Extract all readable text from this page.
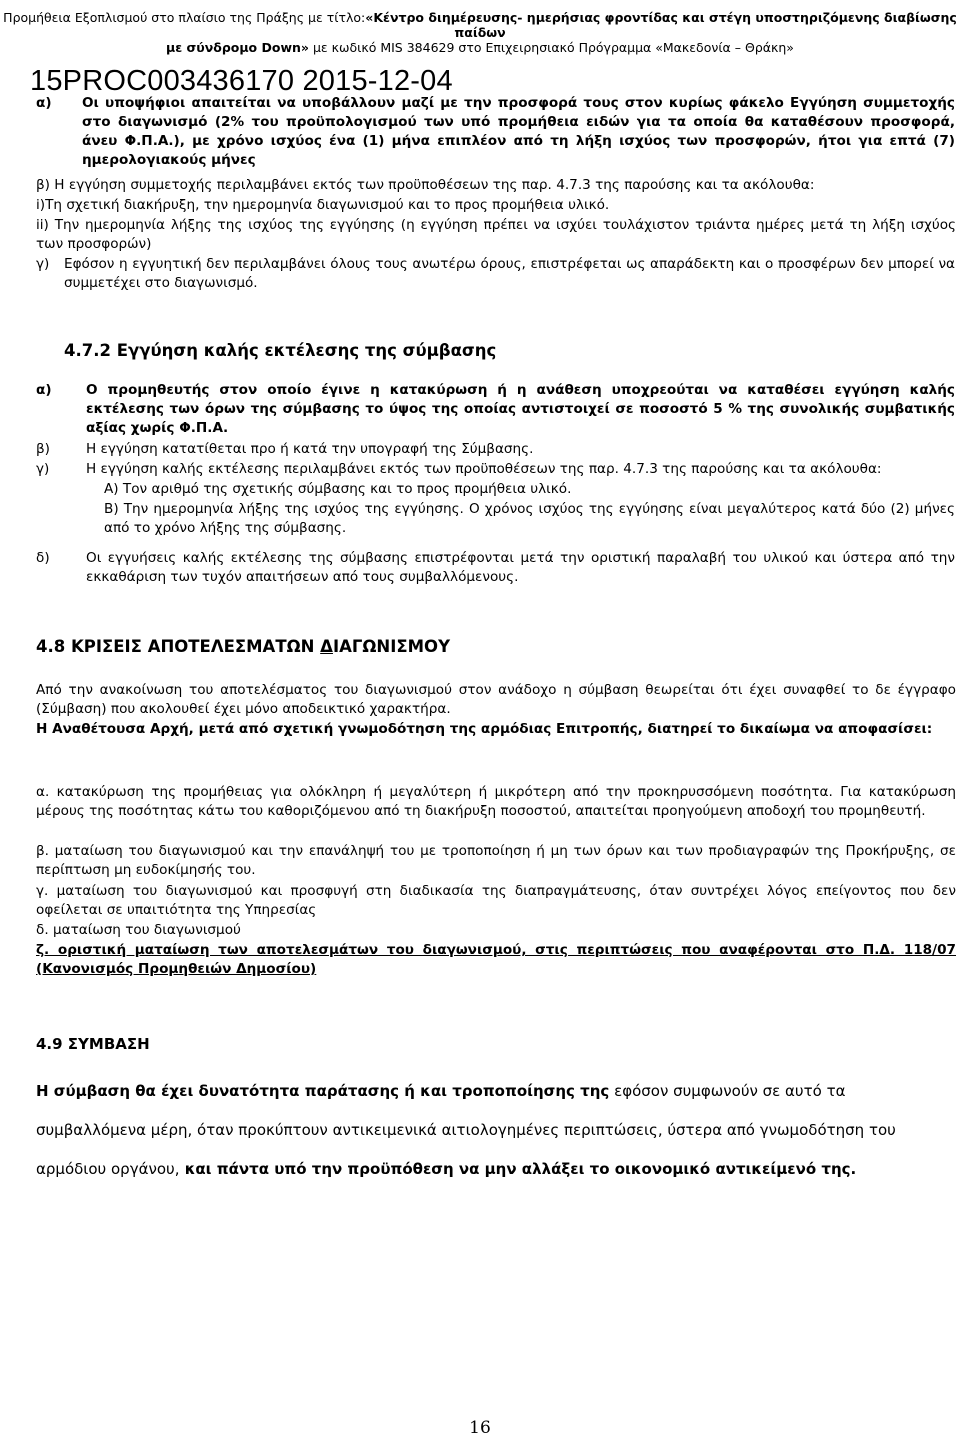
Προμήθεια Εξοπλισμού στο πλαίσιο της Πράξης με τίτλο:«Κέντρο διημέρευσης- ημερήσιας φροντίδας και στέγη υποστηριζόμενης διαβίωσης παίδων
με σύνδρομο Down» με κωδικό MIS 384629 στο Επιχειρησιακό Πρόγραμμα «Μακεδονία – Θράκη»
15PROC003436170 2015-12-04
α) Οι υποψήφιοι απαιτείται να υποβάλλουν μαζί με την προσφορά τους στον κυρίως φάκελο Εγγύηση συμμετοχής στο διαγωνισμό (2% του προϋπολογισμού των υπό προμήθεια ειδών για τα οποία θα καταθέσουν προσφορά, άνευ Φ.Π.Α.), με χρόνο ισχύος ένα (1) μήνα επιπλέον από τη λήξη ισχύος των προσφορών, ήτοι για επτά (7) ημερολογιακούς μήνες
β) Η εγγύηση συμμετοχής περιλαμβάνει εκτός των προϋποθέσεων της παρ. 4.7.3 της παρούσης και τα ακόλουθα:
i)Τη σχετική διακήρυξη, την ημερομηνία διαγωνισμού και το προς προμήθεια υλικό.
ii) Την ημερομηνία λήξης της ισχύος της εγγύησης (η εγγύηση πρέπει να ισχύει τουλάχιστον τριάντα ημέρες μετά τη λήξη ισχύος των προσφορών)
γ) Εφόσον η εγγυητική δεν περιλαμβάνει όλους τους ανωτέρω όρους, επιστρέφεται ως απαράδεκτη και ο προσφέρων δεν μπορεί να συμμετέχει στο διαγωνισμό.
4.7.2 Εγγύηση καλής εκτέλεσης της σύμβασης
α)	Ο προμηθευτής στον οποίο έγινε η κατακύρωση ή η ανάθεση υποχρεούται να καταθέσει εγγύηση καλής εκτέλεσης των όρων της σύμβασης το ύψος της οποίας αντιστοιχεί σε ποσοστό 5 % της συνολικής συμβατικής αξίας χωρίς Φ.Π.Α.
β)	Η εγγύηση κατατίθεται προ ή κατά την υπογραφή της Σύμβασης.
γ)	Η εγγύηση καλής εκτέλεσης περιλαμβάνει εκτός των προϋποθέσεων της παρ. 4.7.3 της παρούσης και τα ακόλουθα:
Α) Τον αριθμό της σχετικής σύμβασης και το προς προμήθεια υλικό.
Β) Την ημερομηνία λήξης της ισχύος της εγγύησης. Ο χρόνος ισχύος της εγγύησης είναι μεγαλύτερος κατά δύο (2) μήνες από το χρόνο λήξης της σύμβασης.
δ)	Οι εγγυήσεις καλής εκτέλεσης της σύμβασης επιστρέφονται μετά την οριστική παραλαβή του υλικού και ύστερα από την εκκαθάριση των τυχόν απαιτήσεων από τους συμβαλλόμενους.
4.8 ΚΡΙΣΕΙΣ ΑΠΟΤΕΛΕΣΜΑΤΩΝ ΔΙΑΓΩΝΙΣΜΟΥ
Από την ανακοίνωση του αποτελέσματος του διαγωνισμού στον ανάδοχο η σύμβαση θεωρείται ότι έχει συναφθεί το δε έγγραφο (Σύμβαση) που ακολουθεί έχει μόνο αποδεικτικό χαρακτήρα.
Η Αναθέτουσα Αρχή, μετά από σχετική γνωμοδότηση της αρμόδιας Επιτροπής, διατηρεί το δικαίωμα να αποφασίσει:
α. κατακύρωση της προμήθειας για ολόκληρη ή μεγαλύτερη ή μικρότερη από την προκηρυσσόμενη ποσότητα. Για κατακύρωση μέρους της ποσότητας κάτω του καθοριζόμενου από τη διακήρυξη ποσοστού, απαιτείται προηγούμενη αποδοχή του προμηθευτή.
β. ματαίωση του διαγωνισμού και την επανάληψή του με τροποποίηση ή μη των όρων και των προδιαγραφών της Προκήρυξης, σε περίπτωση μη ευδοκίμησής του.
γ. ματαίωση του διαγωνισμού και προσφυγή στη διαδικασία της διαπραγμάτευσης, όταν συντρέχει λόγος επείγοντος που δεν οφείλεται σε υπαιτιότητα της Υπηρεσίας
δ. ματαίωση του διαγωνισμού
ζ. οριστική ματαίωση των αποτελεσμάτων του διαγωνισμού, στις περιπτώσεις που αναφέρονται στο Π.Δ. 118/07 (Κανονισμός Προμηθειών Δημοσίου)
4.9 ΣΥΜΒΑΣΗ
Η σύμβαση θα έχει δυνατότητα παράτασης ή και τροποποίησης της εφόσον συμφωνούν σε αυτό τα συμβαλλόμενα μέρη, όταν προκύπτουν αντικειμενικά αιτιολογημένες περιπτώσεις, ύστερα από γνωμοδότηση του αρμόδιου οργάνου, και πάντα υπό την προϋπόθεση να μην αλλάξει το οικονομικό αντικείμενό της.
16
